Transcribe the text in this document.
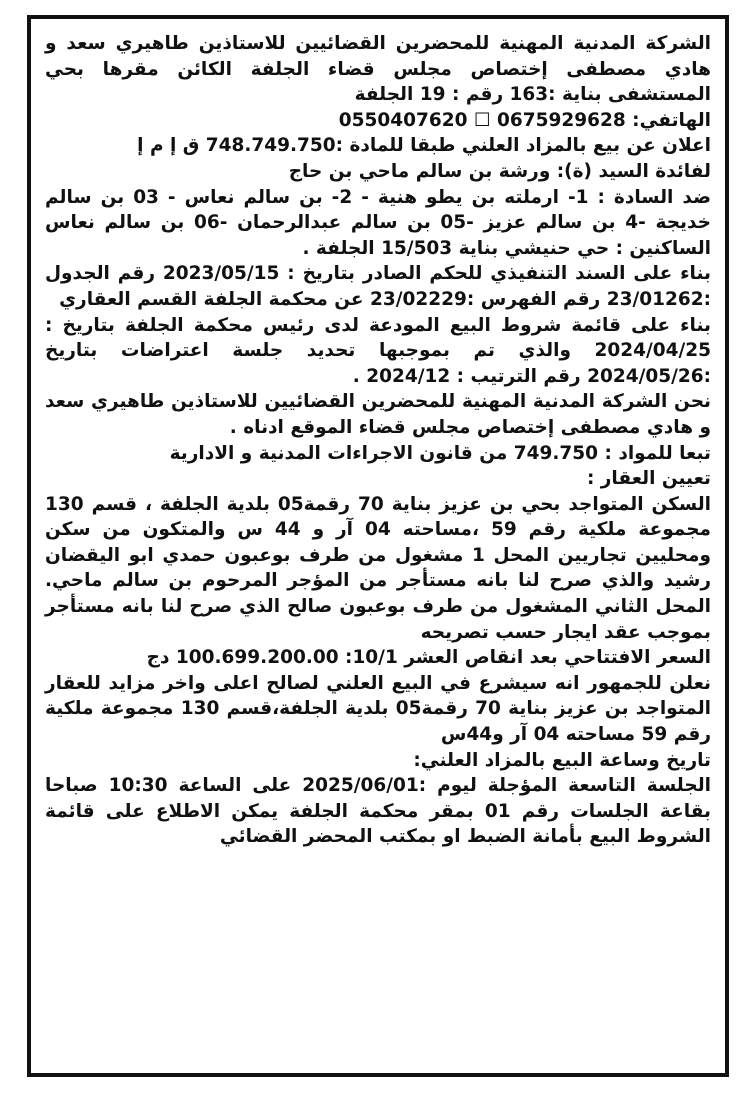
الشركة المدنية المهنية للمحضرين القضائيين للاستاذين طاهيري سعد و هادي مصطفى إختصاص مجلس قضاء الجلفة الكائن مقرها بحي المستشفى بناية :163 رقم : 19 الجلفة

الهاتفي: 0675929628 ☐ 0550407620

اعلان عن بيع بالمزاد العلني طبقا للمادة :748.749.750 ق إ م إ

لفائدة السيد (ة): ورشة بن سالم ماحي بن حاج

ضد السادة : 1- ارملته بن يطو هنية - 2- بن سالم نعاس - 03 بن سالم خديجة -4 بن سالم عزيز -05 بن سالم عبدالرحمان -06 بن سالم نعاس الساكنين : حي حنيشي بناية 15/503 الجلفة .

بناء على السند التنفيذي للحكم الصادر بتاريخ : 2023/05/15 رقم الجدول :23/01262 رقم الفهرس :23/02229 عن محكمة الجلفة القسم العقاري

بناء على قائمة شروط البيع المودعة لدى رئيس محكمة الجلفة بتاريخ : 2024/04/25 والذي تم بموجبها تحديد جلسة اعتراضات بتاريخ :2024/05/26 رقم الترتيب : 2024/12 .

نحن الشركة المدنية المهنية للمحضرين القضائيين للاستاذين طاهيري سعد و هادي مصطفى إختصاص مجلس قضاء الموقع ادناه .

تبعا للمواد : 749.750 من قانون الاجراءات المدنية و الادارية

تعيين العقار :

السكن المتواجد بحي بن عزيز بناية 70 رقمة05 بلدية الجلفة ، قسم 130 مجموعة ملكية رقم 59 ،مساحته 04 آر و 44 س والمتكون من سكن ومحليين تجاريين المحل 1 مشغول من طرف بوعبون حمدي ابو اليقضان رشيد والذي صرح لنا بانه مستأجر من المؤجر المرحوم بن سالم ماحي. المحل الثاني المشغول من طرف بوعبون صالح الذي صرح لنا بانه مستأجر بموجب عقد ايجار حسب تصريحه

السعر الافتتاحي بعد انقاص العشر 10/1: 100.699.200.00 دج

نعلن للجمهور انه سيشرع في البيع العلني لصالح اعلى واخر مزايد للعقار المتواجد بن عزيز بناية 70 رقمة05 بلدية الجلفة،قسم 130 مجموعة ملكية رقم 59 مساحته 04 آر و44س

تاريخ وساعة البيع بالمزاد العلني:

الجلسة التاسعة المؤجلة ليوم :2025/06/01 على الساعة 10:30 صباحا بقاعة الجلسات رقم 01 بمقر محكمة الجلفة يمكن الاطلاع على قائمة الشروط البيع بأمانة الضبط او بمكتب المحضر القضائي
